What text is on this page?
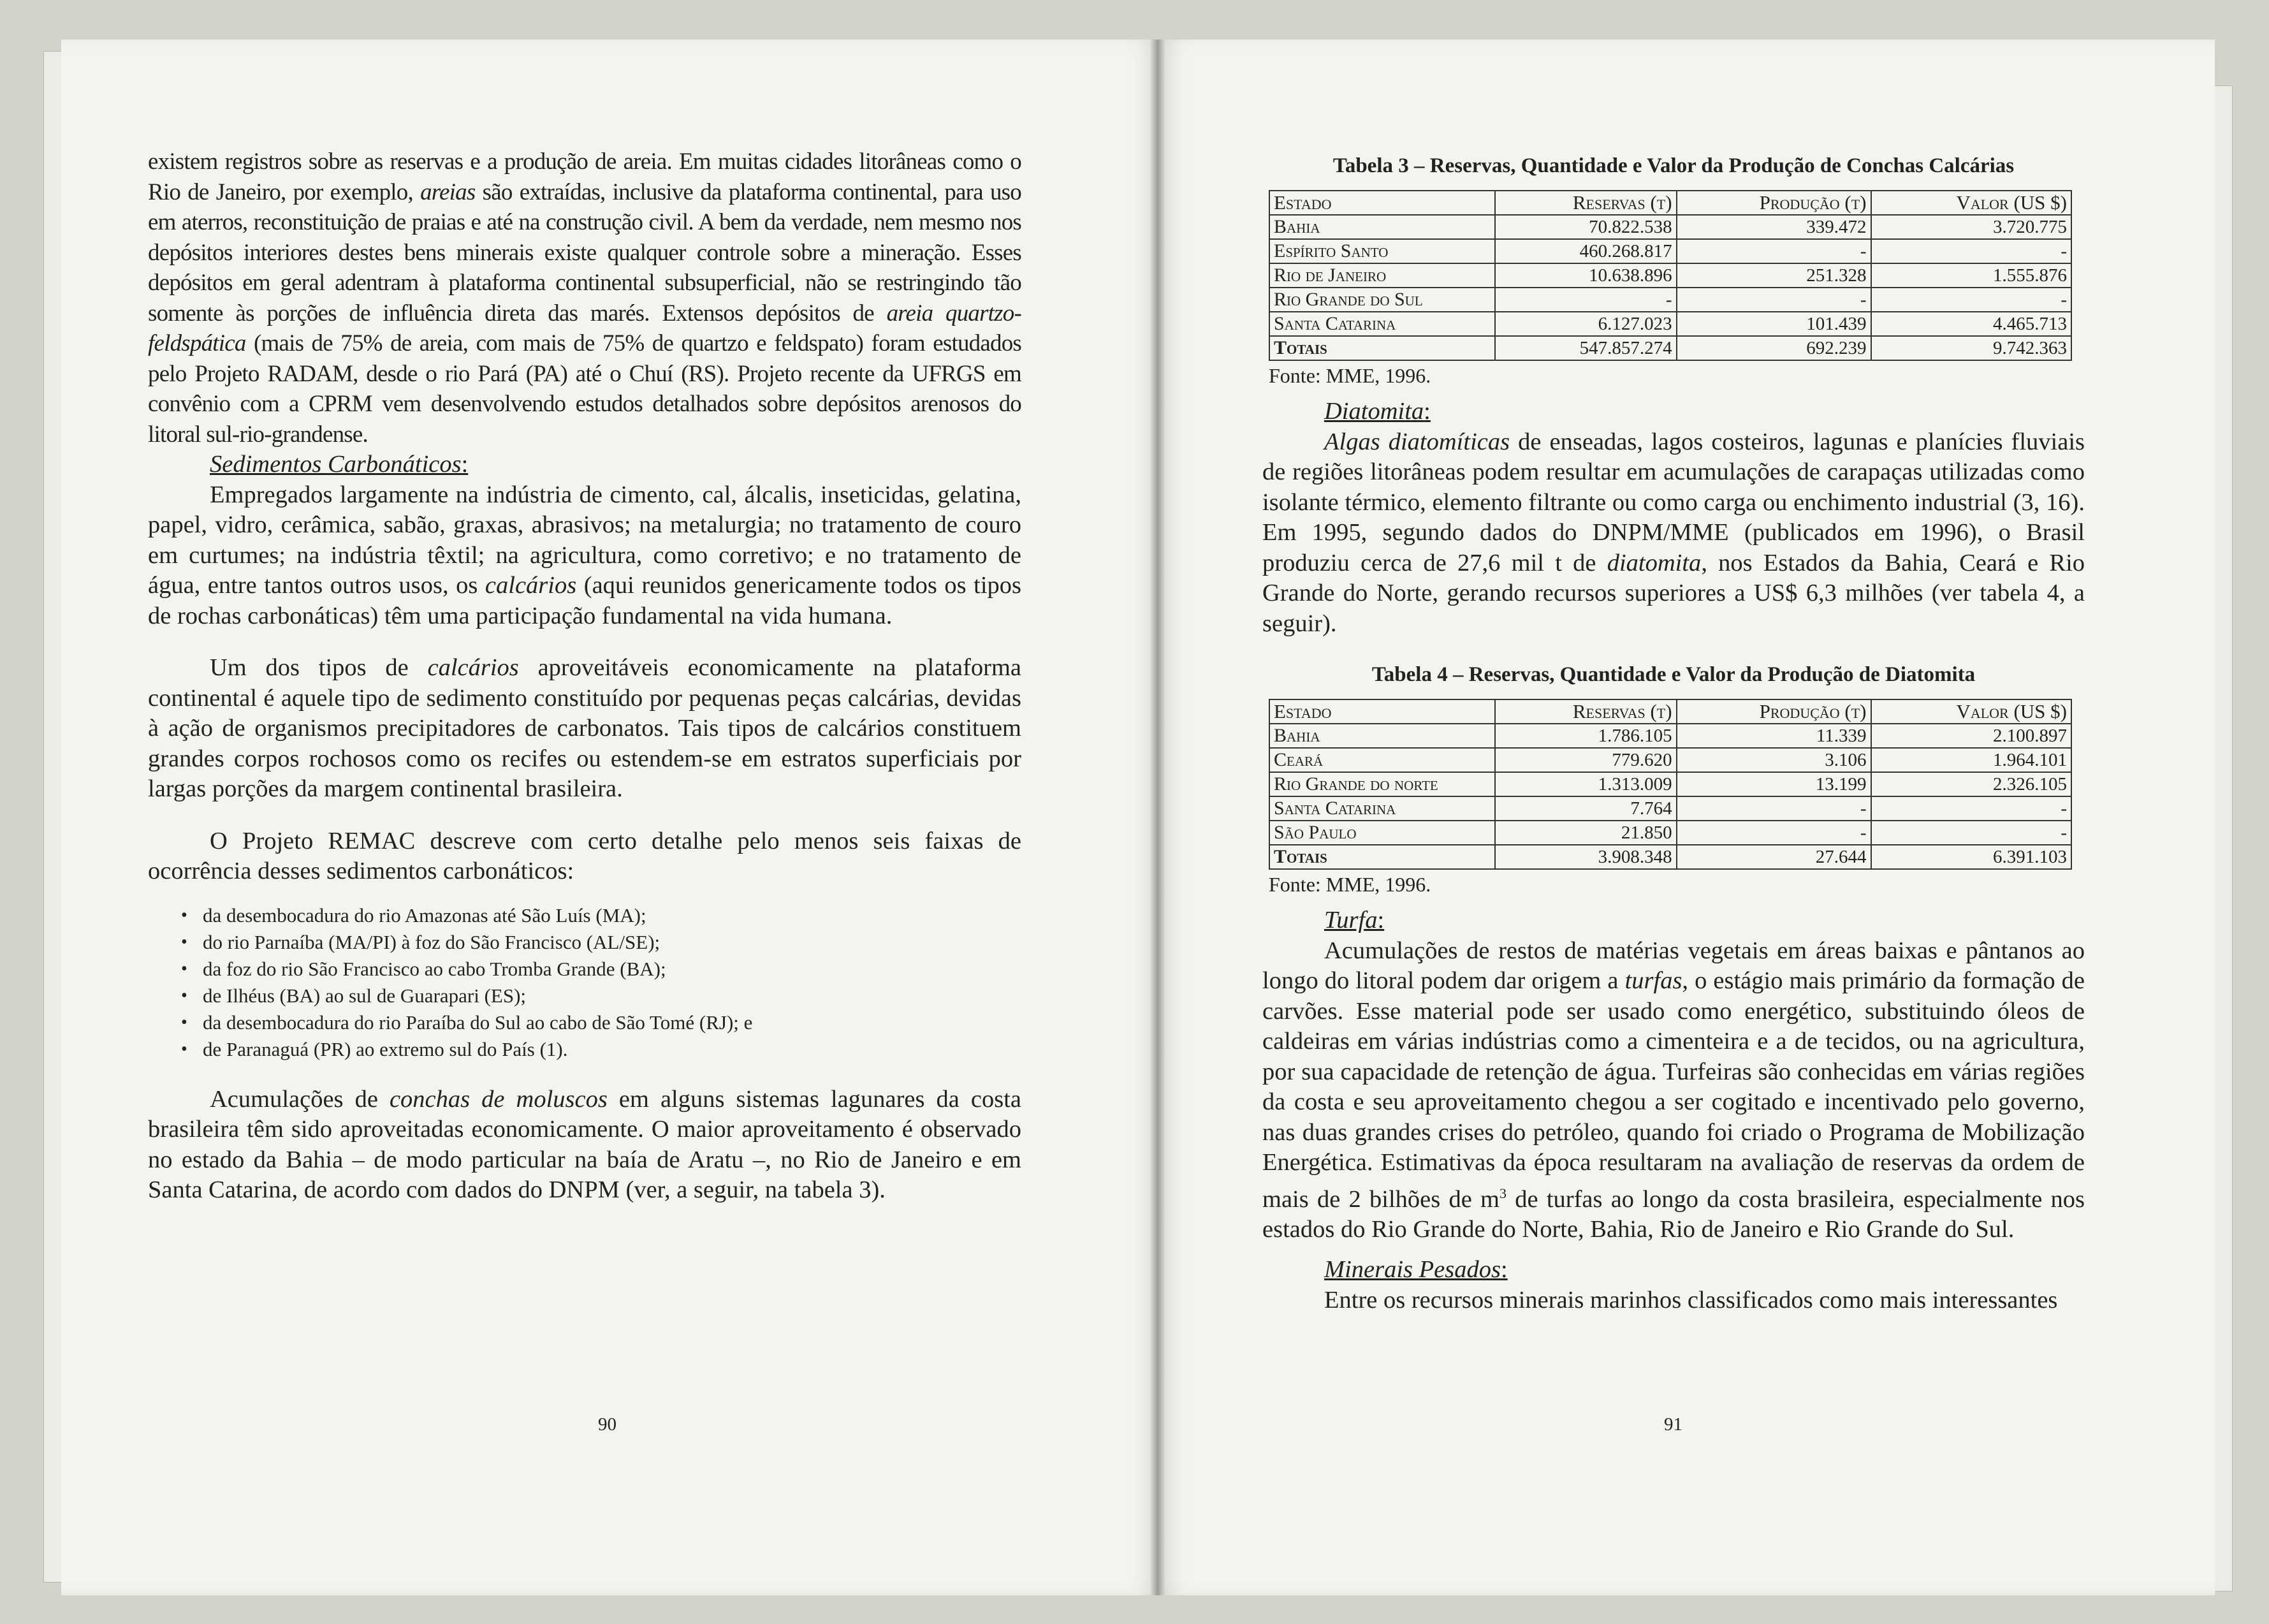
existem registros sobre as reservas e a produção de areia. Em muitas cidades litorâneas como o Rio de Janeiro, por exemplo, areias são extraídas, inclusive da plataforma continental, para uso em aterros, reconstituição de praias e até na construção civil. A bem da verdade, nem mesmo nos depósitos interiores destes bens minerais existe qualquer controle sobre a mineração. Esses depósitos em geral adentram à plataforma continental subsuperficial, não se restringindo tão somente às porções de influência direta das marés. Extensos depósitos de areia quartzo-feldspática (mais de 75% de areia, com mais de 75% de quartzo e feldspato) foram estudados pelo Projeto RADAM, desde o rio Pará (PA) até o Chuí (RS). Projeto recente da UFRGS em convênio com a CPRM vem desenvolvendo estudos detalhados sobre depósitos arenosos do litoral sul-rio-grandense.

Sedimentos Carbonáticos:

Empregados largamente na indústria de cimento, cal, álcalis, inseticidas, gelatina, papel, vidro, cerâmica, sabão, graxas, abrasivos; na metalurgia; no tratamento de couro em curtumes; na indústria têxtil; na agricultura, como corretivo; e no tratamento de água, entre tantos outros usos, os calcários (aqui reunidos genericamente todos os tipos de rochas carbonáticas) têm uma participação fundamental na vida humana.

Um dos tipos de calcários aproveitáveis economicamente na plataforma continental é aquele tipo de sedimento constituído por pequenas peças calcárias, devidas à ação de organismos precipitadores de carbonatos. Tais tipos de calcários constituem grandes corpos rochosos como os recifes ou estendem-se em estratos superficiais por largas porções da margem continental brasileira.

O Projeto REMAC descreve com certo detalhe pelo menos seis faixas de ocorrência desses sedimentos carbonáticos:

• da desembocadura do rio Amazonas até São Luís (MA);
• do rio Parnaíba (MA/PI) à foz do São Francisco (AL/SE);
• da foz do rio São Francisco ao cabo Tromba Grande (BA);
• de Ilhéus (BA) ao sul de Guarapari (ES);
• da desembocadura do rio Paraíba do Sul ao cabo de São Tomé (RJ); e
• de Paranaguá (PR) ao extremo sul do País (1).

Acumulações de conchas de moluscos em alguns sistemas lagunares da costa brasileira têm sido aproveitadas economicamente. O maior aproveitamento é observado no estado da Bahia – de modo particular na baía de Aratu –, no Rio de Janeiro e em Santa Catarina, de acordo com dados do DNPM (ver, a seguir, na tabela 3).

90

Tabela 3 – Reservas, Quantidade e Valor da Produção de Conchas Calcárias

Estado	Reservas (t)	Produção (t)	Valor (US $)
Bahia	70.822.538	339.472	3.720.775
Espírito Santo	460.268.817	-	-
Rio de Janeiro	10.638.896	251.328	1.555.876
Rio Grande do Sul	-	-	-
Santa Catarina	6.127.023	101.439	4.465.713
Totais	547.857.274	692.239	9.742.363

Fonte: MME, 1996.

Diatomita:

Algas diatomíticas de enseadas, lagos costeiros, lagunas e planícies fluviais de regiões litorâneas podem resultar em acumulações de carapaças utilizadas como isolante térmico, elemento filtrante ou como carga ou enchimento industrial (3, 16). Em 1995, segundo dados do DNPM/MME (publicados em 1996), o Brasil produziu cerca de 27,6 mil t de diatomita, nos Estados da Bahia, Ceará e Rio Grande do Norte, gerando recursos superiores a US$ 6,3 milhões (ver tabela 4, a seguir).

Tabela 4 – Reservas, Quantidade e Valor da Produção de Diatomita

Estado	Reservas (t)	Produção (t)	Valor (US $)
Bahia	1.786.105	11.339	2.100.897
Ceará	779.620	3.106	1.964.101
Rio Grande do norte	1.313.009	13.199	2.326.105
Santa Catarina	7.764	-	-
São Paulo	21.850	-	-
Totais	3.908.348	27.644	6.391.103

Fonte: MME, 1996.

Turfa:

Acumulações de restos de matérias vegetais em áreas baixas e pântanos ao longo do litoral podem dar origem a turfas, o estágio mais primário da formação de carvões. Esse material pode ser usado como energético, substituindo óleos de caldeiras em várias indústrias como a cimenteira e a de tecidos, ou na agricultura, por sua capacidade de retenção de água. Turfeiras são conhecidas em várias regiões da costa e seu aproveitamento chegou a ser cogitado e incentivado pelo governo, nas duas grandes crises do petróleo, quando foi criado o Programa de Mobilização Energética. Estimativas da época resultaram na avaliação de reservas da ordem de mais de 2 bilhões de $m^3$ de turfas ao longo da costa brasileira, especialmente nos estados do Rio Grande do Norte, Bahia, Rio de Janeiro e Rio Grande do Sul.

Minerais Pesados:

Entre os recursos minerais marinhos classificados como mais interessantes

91
